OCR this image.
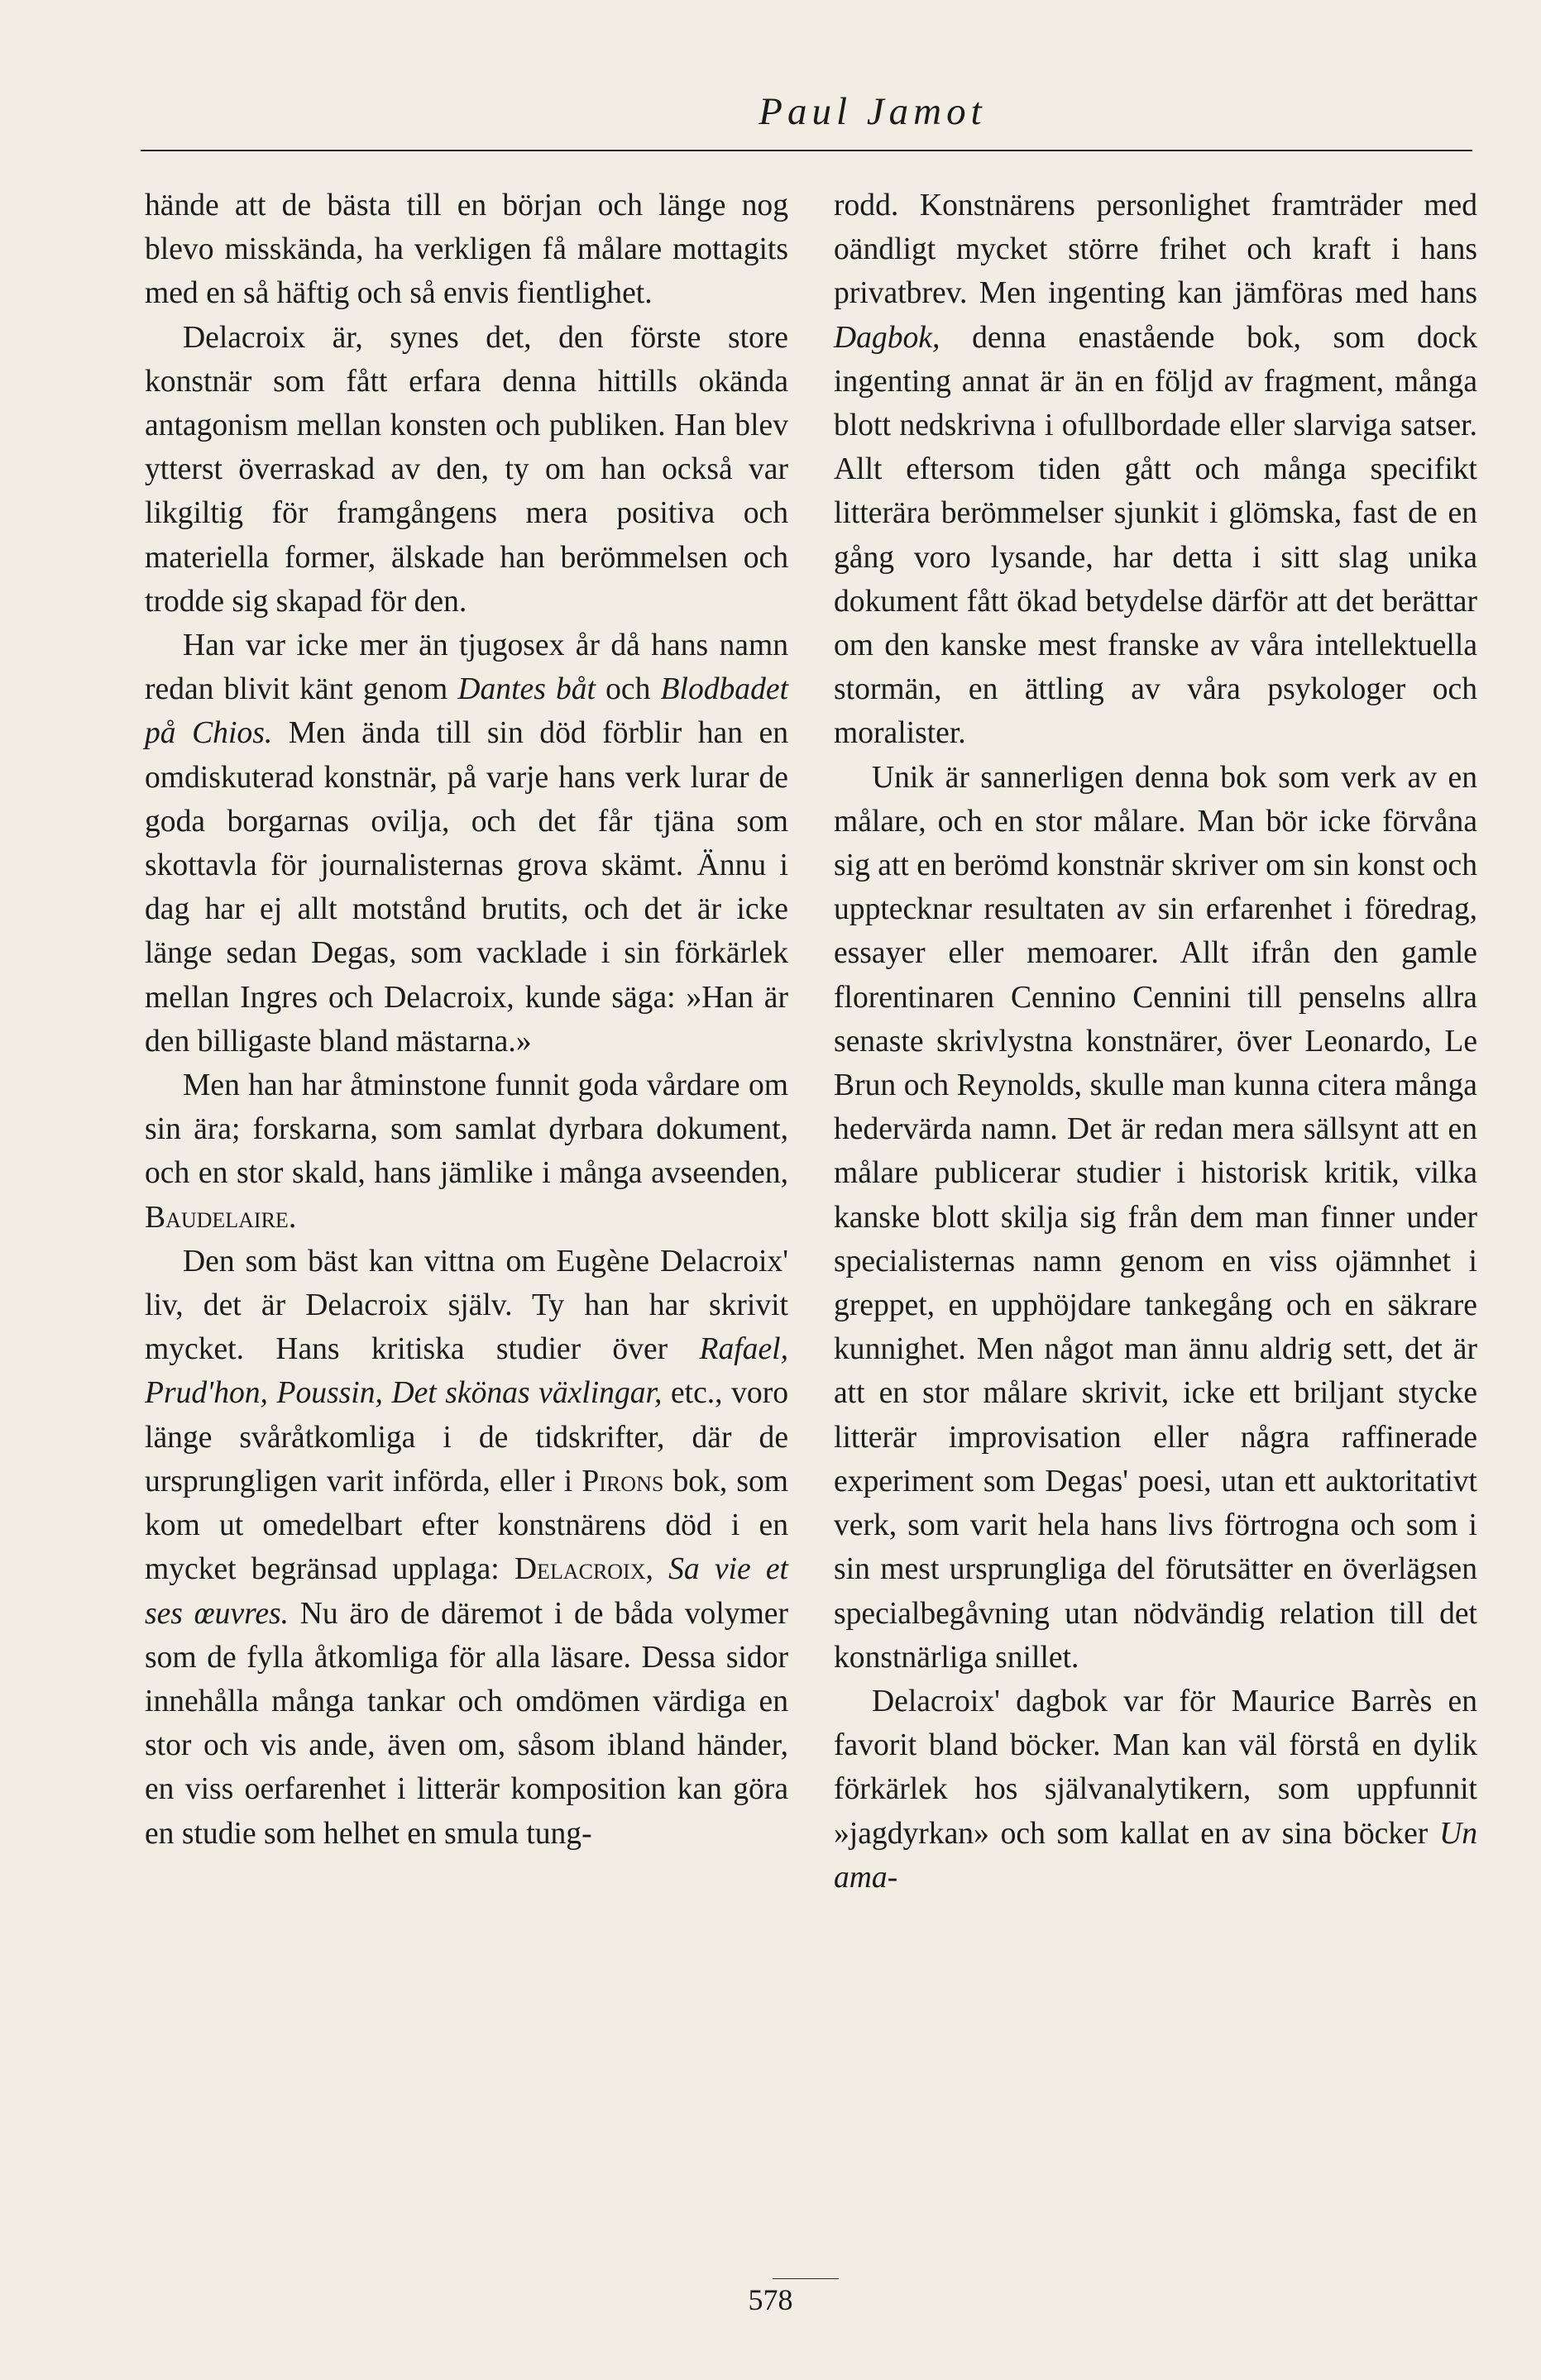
Paul Jamot

hände att de bästa till en början och länge nog blevo misskända, ha verkligen få målare mottagits med en så häftig och så envis fientlighet.

Delacroix är, synes det, den förste store konstnär som fått erfara denna hittills okända antagonism mellan konsten och publiken. Han blev ytterst överraskad av den, ty om han också var likgiltig för framgångens mera positiva och materiella former, älskade han berömmelsen och trodde sig skapad för den.

Han var icke mer än tjugosex år då hans namn redan blivit känt genom Dantes båt och Blodbadet på Chios. Men ända till sin död förblir han en omdiskuterad konstnär, på varje hans verk lurar de goda borgarnas ovilja, och det får tjäna som skottavla för journalisternas grova skämt. Ännu i dag har ej allt motstånd brutits, och det är icke länge sedan Degas, som vacklade i sin förkärlek mellan Ingres och Delacroix, kunde säga: »Han är den billigaste bland mästarna.»

Men han har åtminstone funnit goda vårdare om sin ära; forskarna, som samlat dyrbara dokument, och en stor skald, hans jämlike i många avseenden, Baudelaire.

Den som bäst kan vittna om Eugène Delacroix' liv, det är Delacroix själv. Ty han har skrivit mycket. Hans kritiska studier över Rafael, Prud'hon, Poussin, Det skönas växlingar, etc., voro länge svåråtkomliga i de tidskrifter, där de ursprungligen varit införda, eller i Pirons bok, som kom ut omedelbart efter konstnärens död i en mycket begränsad upplaga: Delacroix, Sa vie et ses œuvres. Nu äro de däremot i de båda volymer som de fylla åtkomliga för alla läsare. Dessa sidor innehålla många tankar och omdömen värdiga en stor och vis ande, även om, såsom ibland händer, en viss oerfarenhet i litterär komposition kan göra en studie som helhet en smula tung-

rodd. Konstnärens personlighet framträder med oändligt mycket större frihet och kraft i hans privatbrev. Men ingenting kan jämföras med hans Dagbok, denna enastående bok, som dock ingenting annat är än en följd av fragment, många blott nedskrivna i ofullbordade eller slarviga satser. Allt eftersom tiden gått och många specifikt litterära berömmelser sjunkit i glömska, fast de en gång voro lysande, har detta i sitt slag unika dokument fått ökad betydelse därför att det berättar om den kanske mest franske av våra intellektuella stormän, en ättling av våra psykologer och moralister.

Unik är sannerligen denna bok som verk av en målare, och en stor målare. Man bör icke förvåna sig att en berömd konstnär skriver om sin konst och upptecknar resultaten av sin erfarenhet i föredrag, essayer eller memoarer. Allt ifrån den gamle florentinaren Cennino Cennini till penselns allra senaste skrivlystna konstnärer, över Leonardo, Le Brun och Reynolds, skulle man kunna citera många hedervärda namn. Det är redan mera sällsynt att en målare publicerar studier i historisk kritik, vilka kanske blott skilja sig från dem man finner under specialisternas namn genom en viss ojämnhet i greppet, en upphöjdare tankegång och en säkrare kunnighet. Men något man ännu aldrig sett, det är att en stor målare skrivit, icke ett briljant stycke litterär improvisation eller några raffinerade experiment som Degas' poesi, utan ett auktoritativt verk, som varit hela hans livs förtrogna och som i sin mest ursprungliga del förutsätter en överlägsen specialbegåvning utan nödvändig relation till det konstnärliga snillet.

Delacroix' dagbok var för Maurice Barrès en favorit bland böcker. Man kan väl förstå en dylik förkärlek hos självanalytikern, som uppfunnit »jagdyrkan» och som kallat en av sina böcker Un ama-

578
